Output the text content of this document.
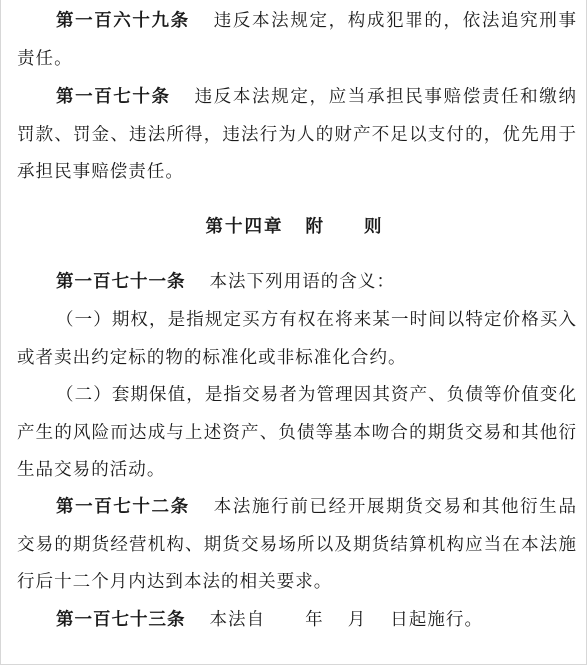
第一百六十九条 违反本法规定，构成犯罪的，依法追究刑事责任。

第一百七十条 违反本法规定，应当承担民事赔偿责任和缴纳罚款、罚金、违法所得，违法行为人的财产不足以支付的，优先用于承担民事赔偿责任。

第十四章 附　　则

第一百七十一条 本法下列用语的含义：

（一）期权，是指规定买方有权在将来某一时间以特定价格买入或者卖出约定标的物的标准化或非标准化合约。

（二）套期保值，是指交易者为管理因其资产、负债等价值变化产生的风险而达成与上述资产、负债等基本吻合的期货交易和其他衍生品交易的活动。

第一百七十二条 本法施行前已经开展期货交易和其他衍生品交易的期货经营机构、期货交易场所以及期货结算机构应当在本法施行后十二个月内达到本法的相关要求。

第一百七十三条 本法自 年 月 日起施行。
